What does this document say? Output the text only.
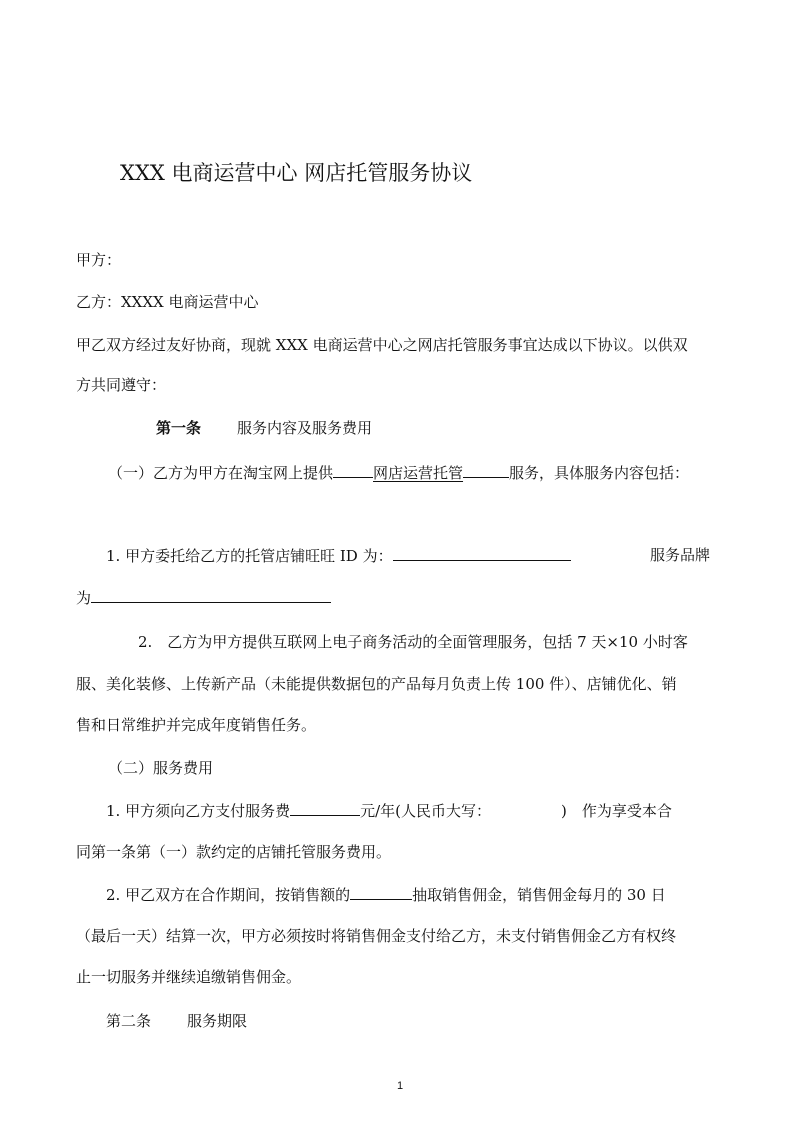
XXX 电商运营中心 网店托管服务协议
甲方：
乙方：XXXX 电商运营中心
甲乙双方经过友好协商，现就 XXX 电商运营中心之网店托管服务事宜达成以下协议。以供双
方共同遵守：
第一条 服务内容及服务费用
（一）乙方为甲方在淘宝网上提供	网店运营托管	服务，具体服务内容包括：
1. 甲方委托给乙方的托管店铺旺旺 ID 为：	服务品牌
为
2.　乙方为甲方提供互联网上电子商务活动的全面管理服务，包括 7 天×10 小时客
服、美化装修、上传新产品（未能提供数据包的产品每月负责上传 100 件）、店铺优化、销
售和日常维护并完成年度销售任务。
（二）服务费用
1. 甲方须向乙方支付服务费	元/年(人民币大写：	)　作为享受本合
同第一条第（一）款约定的店铺托管服务费用。
2. 甲乙双方在合作期间，按销售额的	抽取销售佣金，销售佣金每月的 30 日
（最后一天）结算一次，甲方必须按时将销售佣金支付给乙方，未支付销售佣金乙方有权终
止一切服务并继续追缴销售佣金。
第二条 服务期限
1
